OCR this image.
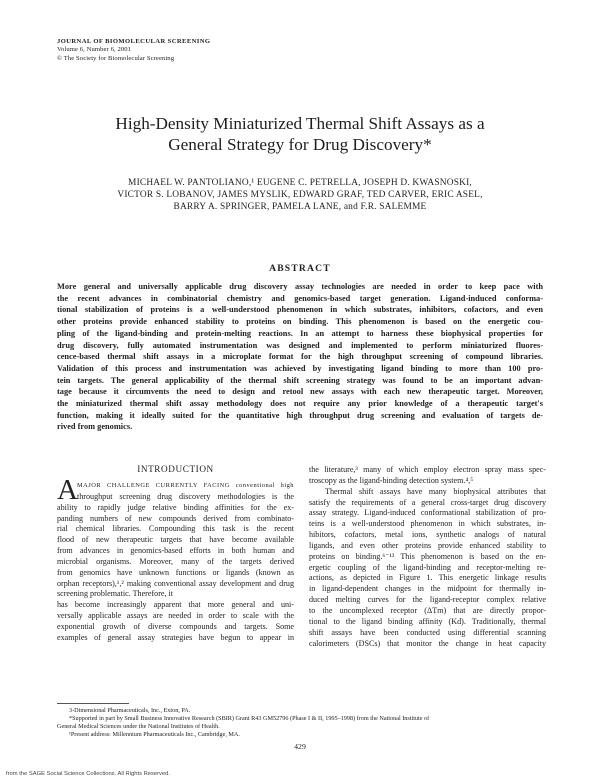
JOURNAL OF BIOMOLECULAR SCREENING
Volume 6, Number 6, 2001
© The Society for Biomolecular Screening
High-Density Miniaturized Thermal Shift Assays as a
General Strategy for Drug Discovery*
MICHAEL W. PANTOLIANO,¹ EUGENE C. PETRELLA, JOSEPH D. KWASNOSKI,
VICTOR S. LOBANOV, JAMES MYSLIK, EDWARD GRAF, TED CARVER, ERIC ASEL,
BARRY A. SPRINGER, PAMELA LANE, and F.R. SALEMME
ABSTRACT
More general and universally applicable drug discovery assay technologies are needed in order to keep pace with
the recent advances in combinatorial chemistry and genomics-based target generation. Ligand-induced conforma-
tional stabilization of proteins is a well-understood phenomenon in which substrates, inhibitors, cofactors, and even
other proteins provide enhanced stability to proteins on binding. This phenomenon is based on the energetic cou-
pling of the ligand-binding and protein-melting reactions. In an attempt to harness these biophysical properties for
drug discovery, fully automated instrumentation was designed and implemented to perform miniaturized fluores-
cence-based thermal shift assays in a microplate format for the high throughput screening of compound libraries.
Validation of this process and instrumentation was achieved by investigating ligand binding to more than 100 pro-
tein targets. The general applicability of the thermal shift screening strategy was found to be an important advan-
tage because it circumvents the need to design and retool new assays with each new therapeutic target. Moreover,
the miniaturized thermal shift assay methodology does not require any prior knowledge of a therapeutic target's
function, making it ideally suited for the quantitative high throughput drug screening and evaluation of targets de-
rived from genomics.
INTRODUCTION
A MAJOR CHALLENGE CURRENTLY FACING conventional high
throughput screening drug discovery methodologies is the
ability to rapidly judge relative binding affinities for the ex-
panding numbers of new compounds derived from combinato-
rial chemical libraries. Compounding this task is the recent
flood of new therapeutic targets that have become available
from advances in genomics-based efforts in both human and
microbial organisms. Moreover, many of the targets derived
from genomics have unknown functions or ligands (known as
orphan receptors),¹,² making conventional assay development and drug screening problematic. Therefore, it
has become increasingly apparent that more general and uni-
versally applicable assays are needed in order to scale with the
exponential growth of diverse compounds and targets. Some
examples of general assay strategies have begun to appear in
the literature,³ many of which employ electron spray mass spec-
troscopy as the ligand-binding detection system.⁴,⁵
Thermal shift assays have many biophysical attributes that
satisfy the requirements of a general cross-target drug discovery
assay strategy. Ligand-induced conformational stabilization of pro-
teins is a well-understood phenomenon in which substrates, in-
hibitors, cofactors, metal ions, synthetic analogs of natural
ligands, and even other proteins provide enhanced stability to
proteins on binding.⁶⁻¹³ This phenomenon is based on the en-
ergetic coupling of the ligand-binding and receptor-melting re-
actions, as depicted in Figure 1. This energetic linkage results
in ligand-dependent changes in the midpoint for thermally in-
duced melting curves for the ligand-receptor complex relative
to the uncomplexed receptor (ΔTm) that are directly propor-
tional to the ligand binding affinity (Kd). Traditionally, thermal
shift assays have been conducted using differential scanning
calorimeters (DSCs) that monitor the change in heat capacity
3-Dimensional Pharmaceuticals, Inc., Exton, PA.
*Supported in part by Small Business Innovative Research (SBIR) Grant R43 GM52796 (Phase I & II, 1995–1998) from the National Institute of
General Medical Sciences under the National Institutes of Health.
¹Present address: Millennium Pharmaceuticals Inc., Cambridge, MA.
429
from the SAGE Social Science Collections. All Rights Reserved.
